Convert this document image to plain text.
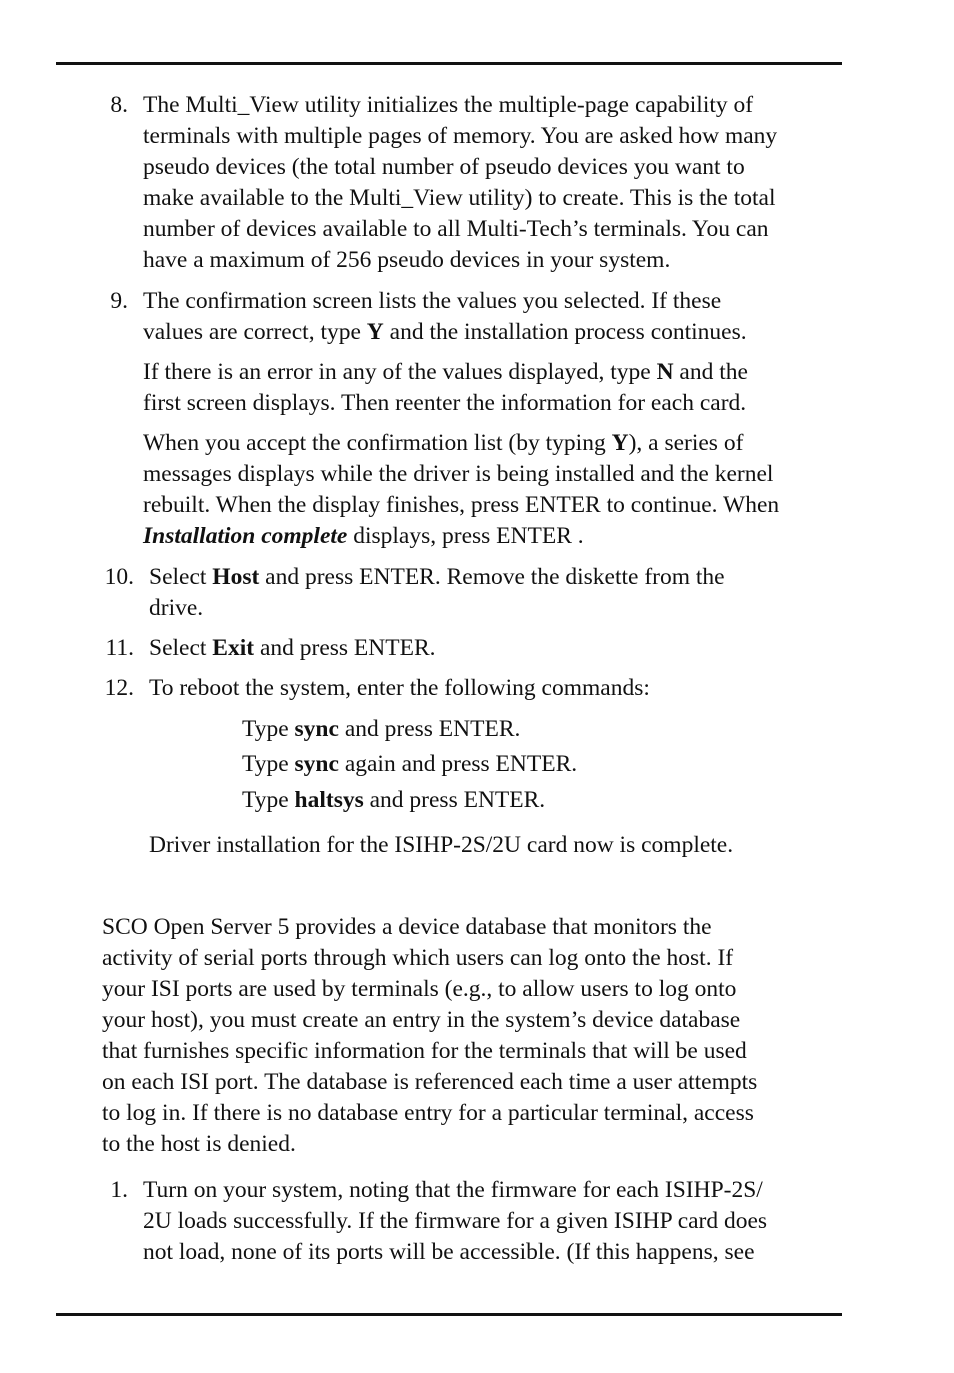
8. The Multi_View utility initializes the multiple-page capability of
terminals with multiple pages of memory. You are asked how many
pseudo devices (the total number of pseudo devices you want to
make available to the Multi_View utility) to create. This is the total
number of devices available to all Multi-Tech’s terminals. You can
have a maximum of 256 pseudo devices in your system.
9. The confirmation screen lists the values you selected. If these
values are correct, type Y and the installation process continues.
If there is an error in any of the values displayed, type N and the
first screen displays. Then reenter the information for each card.
When you accept the confirmation list (by typing Y), a series of
messages displays while the driver is being installed and the kernel
rebuilt. When the display finishes, press ENTER to continue. When
Installation complete displays, press ENTER .
10. Select Host and press ENTER. Remove the diskette from the
drive.
11. Select Exit and press ENTER.
12. To reboot the system, enter the following commands:
Type sync and press ENTER.
Type sync again and press ENTER.
Type haltsys and press ENTER.
Driver installation for the ISIHP-2S/2U card now is complete.
SCO Open Server 5 provides a device database that monitors the
activity of serial ports through which users can log onto the host. If
your ISI ports are used by terminals (e.g., to allow users to log onto
your host), you must create an entry in the system’s device database
that furnishes specific information for the terminals that will be used
on each ISI port. The database is referenced each time a user attempts
to log in. If there is no database entry for a particular terminal, access
to the host is denied.
1. Turn on your system, noting that the firmware for each ISIHP-2S/
2U loads successfully. If the firmware for a given ISIHP card does
not load, none of its ports will be accessible. (If this happens, see
